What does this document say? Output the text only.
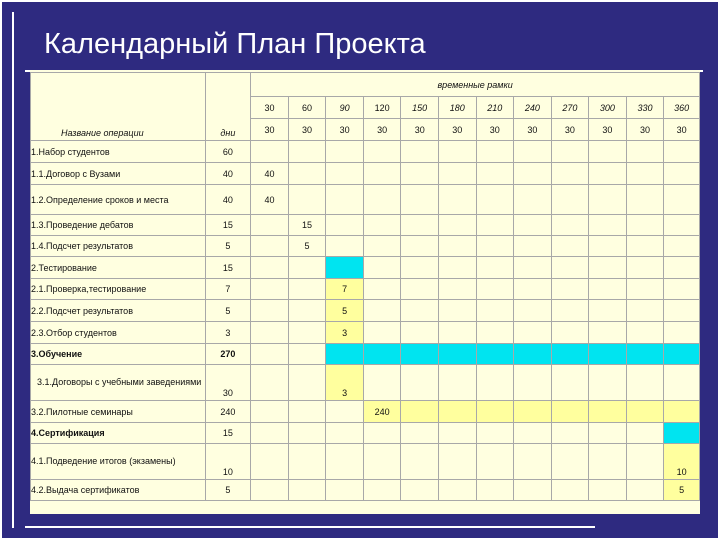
Календарный План Проекта
Название операции	дни	временные рамки											
		30	60	90	120	150	180	210	240	270	300	330	360
		30	30	30	30	30	30	30	30	30	30	30	30
1.Набор студентов	60												
1.1.Договор с Вузами	40	40											
1.2.Определение сроков и места	40	40											
1.3.Проведение дебатов	15		15										
1.4.Подсчет результатов	5		5										
2.Тестирование	15												
2.1.Проверка,тестирование	7			7									
2.2.Подсчет результатов	5			5									
2.3.Отбор студентов	3			3									
3.Обучение	270												
3.1.Договоры с учебными заведениями	30			3									
3.2.Пилотные семинары	240				240								
4.Сертификация	15												
4.1.Подведение итогов (экзамены)	10												10
4.2.Выдача сертификатов	5												5
